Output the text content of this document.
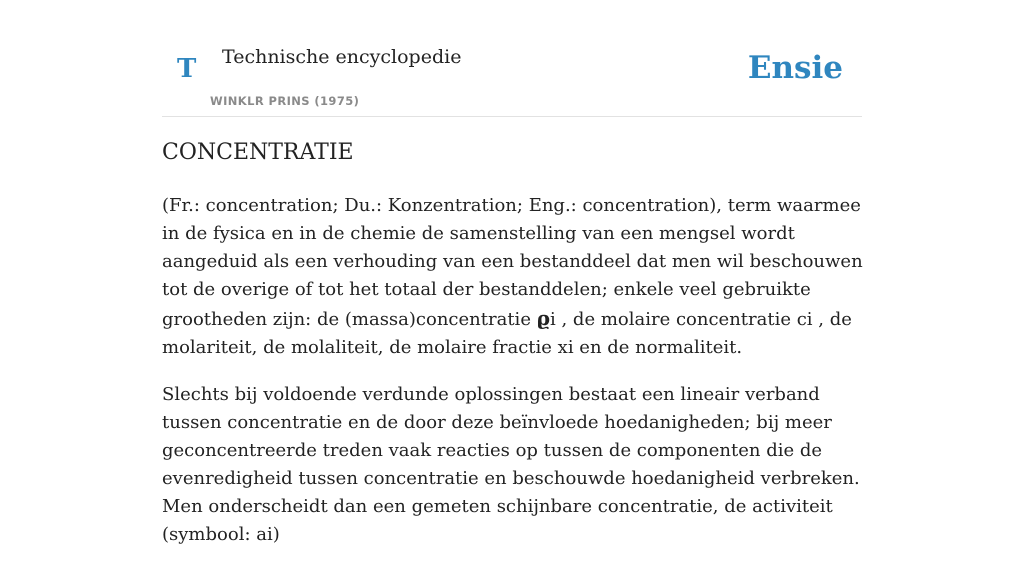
T Technische encyclopedie
WINKLR PRINS (1975)
Ensie
CONCENTRATIE

(Fr.: concentration; Du.: Konzentration; Eng.: concentration), term waarmee in de fysica en in de chemie de samenstelling van een mengsel wordt aangeduid als een verhouding van een bestanddeel dat men wil beschouwen tot de overige of tot het totaal der bestanddelen; enkele veel gebruikte grootheden zijn: de (massa)concentratie ϱi , de molaire concentratie ci , de molariteit, de molaliteit, de molaire fractie xi en de normaliteit.

Slechts bij voldoende verdunde oplossingen bestaat een lineair verband tussen concentratie en de door deze beïnvloede hoedanigheden; bij meer geconcentreerde treden vaak reacties op tussen de componenten die de evenredigheid tussen concentratie en beschouwde hoedanigheid verbreken. Men onderscheidt dan een gemeten schijnbare concentratie, de activiteit (symbool: ai)
